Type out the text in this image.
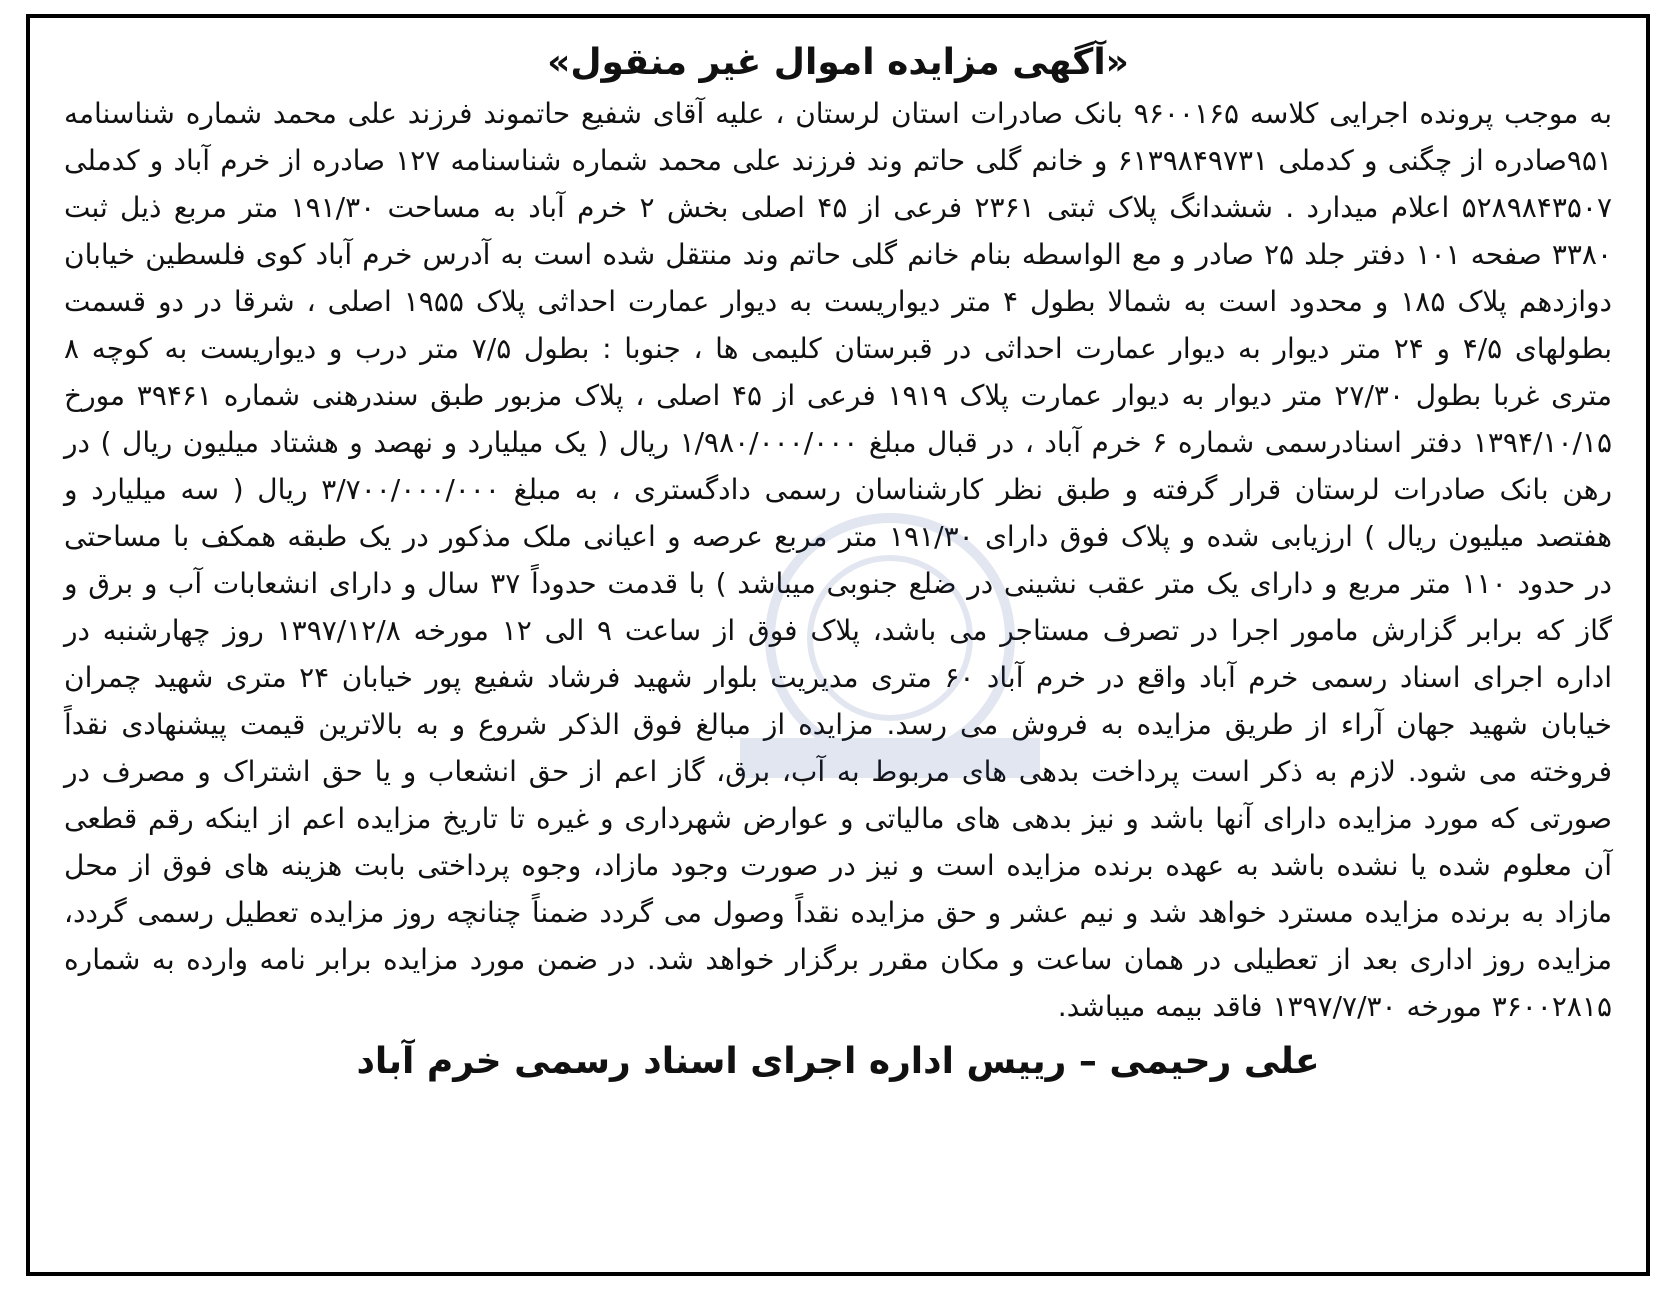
«آگهی مزایده اموال غیر منقول»

به موجب پرونده اجرایی کلاسه ۹۶۰۰۱۶۵ بانک صادرات استان لرستان ، علیه آقای شفیع حاتموند فرزند علی محمد شماره شناسنامه ۹۵۱صادره از چگنی و کدملی ۶۱۳۹۸۴۹۷۳۱ و خانم گلی حاتم وند فرزند علی محمد شماره شناسنامه ۱۲۷ صادره از خرم آباد و کدملی ۵۲۸۹۸۴۳۵۰۷ اعلام میدارد . ششدانگ پلاک ثبتی ۲۳۶۱ فرعی از ۴۵ اصلی بخش ۲ خرم آباد به مساحت ۱۹۱/۳۰ متر مربع ذیل ثبت ۳۳۸۰ صفحه ۱۰۱ دفتر جلد ۲۵ صادر و مع الواسطه بنام خانم گلی حاتم وند منتقل شده است به آدرس خرم آباد کوی فلسطین خیابان دوازدهم پلاک ۱۸۵ و محدود است به شمالا بطول ۴ متر دیواریست به دیوار عمارت احداثی پلاک ۱۹۵۵ اصلی ، شرقا در دو قسمت بطولهای ۴/۵ و ۲۴ متر دیوار به دیوار عمارت احداثی در قبرستان کلیمی ها ، جنوبا : بطول ۷/۵ متر درب و دیواریست به کوچه ۸ متری غربا بطول ۲۷/۳۰ متر دیوار به دیوار عمارت پلاک ۱۹۱۹ فرعی از ۴۵ اصلی ، پلاک مزبور طبق سندرهنی شماره ۳۹۴۶۱ مورخ ۱۳۹۴/۱۰/۱۵ دفتر اسنادرسمی شماره ۶ خرم آباد ، در قبال مبلغ ۱/۹۸۰/۰۰۰/۰۰۰ ریال ( یک میلیارد و نهصد و هشتاد میلیون ریال ) در رهن بانک صادرات لرستان قرار گرفته و طبق نظر کارشناسان رسمی دادگستری ، به مبلغ ۳/۷۰۰/۰۰۰/۰۰۰ ریال ( سه میلیارد و هفتصد میلیون ریال ) ارزیابی شده و پلاک فوق دارای ۱۹۱/۳۰ متر مربع عرصه و اعیانی ملک مذکور در یک طبقه همکف با مساحتی در حدود ۱۱۰ متر مربع و دارای یک متر عقب نشینی در ضلع جنوبی میباشد ) با قدمت حدوداً ۳۷ سال و دارای انشعابات آب و برق و گاز که برابر گزارش مامور اجرا در تصرف مستاجر می باشد، پلاک فوق از ساعت ۹ الی ۱۲ مورخه ۱۳۹۷/۱۲/۸ روز چهارشنبه در اداره اجرای اسناد رسمی خرم آباد واقع در خرم آباد ۶۰ متری مدیریت بلوار شهید فرشاد شفیع پور خیابان ۲۴ متری شهید چمران خیابان شهید جهان آراء از طریق مزایده به فروش می رسد. مزایده از مبالغ فوق الذکر شروع و به بالاترین قیمت پیشنهادی نقداً فروخته می شود. لازم به ذکر است پرداخت بدهی های مربوط به آب، برق، گاز اعم از حق انشعاب و یا حق اشتراک و مصرف در صورتی که مورد مزایده دارای آنها باشد و نیز بدهی های مالیاتی و عوارض شهرداری و غیره تا تاریخ مزایده اعم از اینکه رقم قطعی آن معلوم شده یا نشده باشد به عهده برنده مزایده است و نیز در صورت وجود مازاد، وجوه پرداختی بابت هزینه های فوق از محل مازاد به برنده مزایده مسترد خواهد شد و نیم عشر و حق مزایده نقداً وصول می گردد ضمناً چنانچه روز مزایده تعطیل رسمی گردد، مزایده روز اداری بعد از تعطیلی در همان ساعت و مکان مقرر برگزار خواهد شد. در ضمن مورد مزایده برابر نامه وارده به شماره ۳۶۰۰۲۸۱۵ مورخه ۱۳۹۷/۷/۳۰ فاقد بیمه میباشد.

علی رحیمی – رییس اداره اجرای اسناد رسمی خرم آباد
